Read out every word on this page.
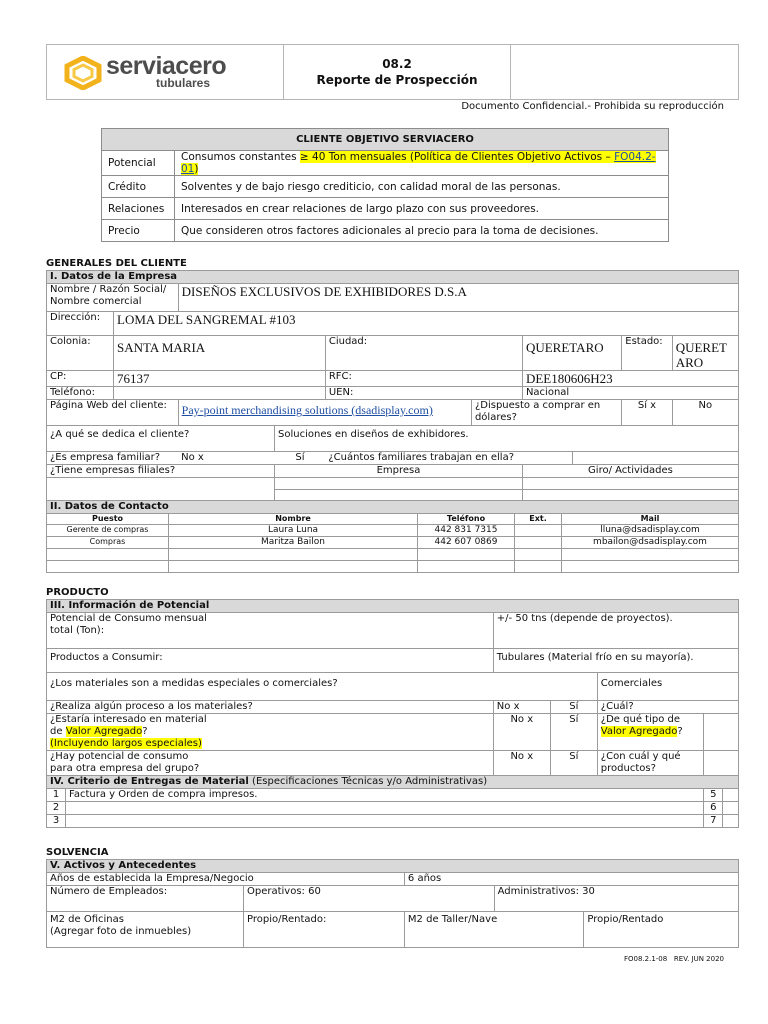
serviacero
tubulares

08.2
Reporte de Prospección

Documento Confidencial.- Prohibida su reproducción
CLIENTE OBJETIVO SERVIACERO	
Potencial	Consumos constantes ≥ 40 Ton mensuales (Política de Clientes Objetivo Activos – FO04.2-01)
Crédito	Solventes y de bajo riesgo crediticio, con calidad moral de las personas.
Relaciones	Interesados en crear relaciones de largo plazo con sus proveedores.
Precio	Que consideren otros factores adicionales al precio para la toma de decisiones.
GENERALES DEL CLIENTE
I. Datos de la Empresa									
Nombre / Razón Social/
Nombre comercial		DISEÑOS EXCLUSIVOS DE EXHIBIDORES D.S.A							
Dirección:	LOMA DEL SANGREMAL #103								
Colonia:	SANTA MARIA			Ciudad:		QUERETARO		Estado:	QUERET
ARO
CP:	76137			RFC:		DEE180606H23			
Teléfono:				UEN:		Nacional			
Página Web del cliente:		Pay-point merchandising solutions (dsadisplay.com)			¿Dispuesto a comprar en
dólares?			Sí x	No
¿A qué se dedica el cliente?			Soluciones en diseños de exhibidores.						
¿Es empresa familiar?		No x	Sí	¿Cuántos familiares trabajan en ella?					
¿Tiene empresas filiales?			Empresa			Giro/ Actividades			

II. Datos de Contacto				
Puesto	Nombre	Teléfono	Ext.	Mail
Gerente de compras	Laura Luna	442 831 7315		lluna@dsadisplay.com
Compras	Maritza Bailon	442 607 0869		mbailon@dsadisplay.com

PRODUCTO
III. Información de Potencial						
Potencial de Consumo mensual
total (Ton):		+/- 50 tns (depende de proyectos).				
Productos a Consumir:		Tubulares (Material frío en su mayoría).				
¿Los materiales son a medidas especiales o comerciales?				Comerciales		
¿Realiza algún proceso a los materiales?		No x	Sí	¿Cuál?		
¿Estaría interesado en material
de Valor Agregado?
(Incluyendo largos especiales)		No x	Sí	¿De qué tipo de
Valor Agregado?		
¿Hay potencial de consumo
para otra empresa del grupo?		No x	Sí	¿Con cuál y qué
productos?		
IV. Criterio de Entregas de Material (Especificaciones Técnicas y/o Administrativas)						
1	Factura y Orden de compra impresos.				5	
2					6	
3					7	
SOLVENCIA
V. Activos y Antecedentes				
Años de establecida la Empresa/Negocio		6 años		
Número de Empleados:	Operativos: 60		Administrativos: 30	
M2 de Oficinas
(Agregar foto de inmuebles)	Propio/Rentado:	M2 de Taller/Nave		Propio/Rentado
FO08.2.1-08 REV. JUN 2020
